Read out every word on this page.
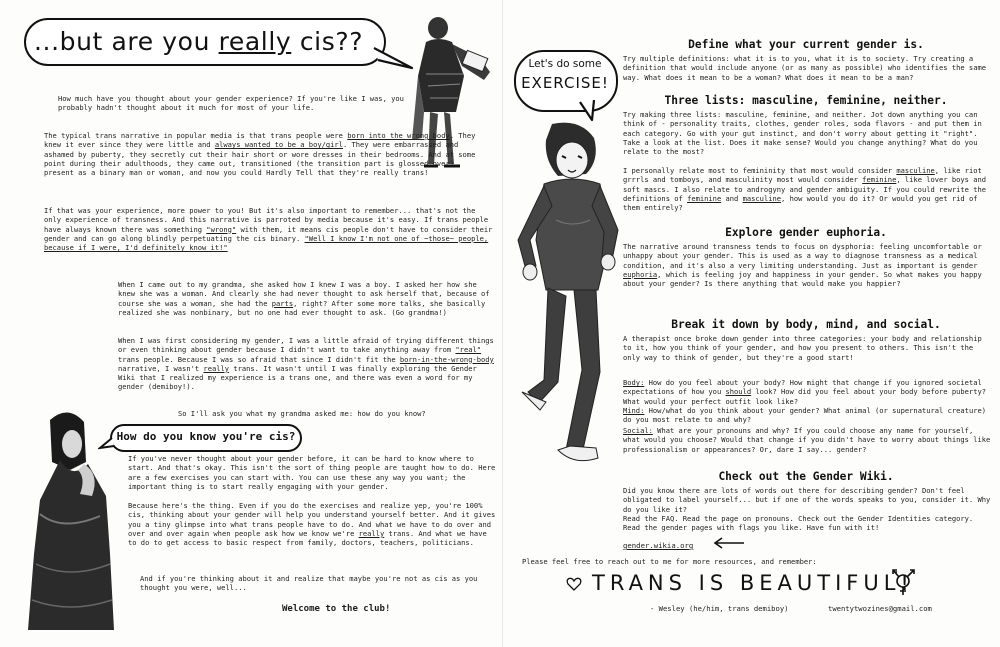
...but are you really cis??

How much have you thought about your gender experience? If you're like I was, you probably hadn't thought about it much for most of your life.

The typical trans narrative in popular media is that trans people were born into the wrong body. They knew it ever since they were little and always wanted to be a boy/girl. They were embarrassed and ashamed by puberty, they secretly cut their hair short or wore dresses in their bedrooms. And at some point during their adulthoods, they came out, transitioned (the transition part is glossed over), present as a binary man or woman, and now you could Hardly Tell that they're really trans!

If that was your experience, more power to you! But it's also important to remember... that's not the only experience of transness. And this narrative is parroted by media because it's easy. If trans people have always known there was something "wrong" with them, it means cis people don't have to consider their gender and can go along blindly perpetuating the cis binary. "Well I know I'm not one of ~those~ people, because if I were, I'd definitely know it!"

When I came out to my grandma, she asked how I knew I was a boy. I asked her how she knew she was a woman. And clearly she had never thought to ask herself that, because of course she was a woman, she had the parts, right? After some more talks, she basically realized she was nonbinary, but no one had ever thought to ask. (Go grandma!)

When I was first considering my gender, I was a little afraid of trying different things or even thinking about gender because I didn't want to take anything away from "real" trans people. Because I was so afraid that since I didn't fit the born-in-the-wrong-body narrative, I wasn't really trans. It wasn't until I was finally exploring the Gender Wiki that I realized my experience is a trans one, and there was even a word for my gender (demiboy!).

So I'll ask you what my grandma asked me: how do you know?

How do you know you're cis?

If you've never thought about your gender before, it can be hard to know where to start. And that's okay. This isn't the sort of thing people are taught how to do. Here are a few exercises you can start with. You can use these any way you want; the important thing is to start really engaging with your gender.

Because here's the thing. Even if you do the exercises and realize yep, you're 100% cis, thinking about your gender will help you understand yourself better. And it gives you a tiny glimpse into what trans people have to do. And what we have to do over and over and over again when people ask how we know we're really trans. And what we have to do to get access to basic respect from family, doctors, teachers, politicians.

And if you're thinking about it and realize that maybe you're not as cis as you thought you were, well...

Welcome to the club!
Let's do some
EXERCISE!
Define what your current gender is.

Try multiple definitions: what it is to you, what it is to society. Try creating a definition that would include anyone (or as many as possible) who identifies the same way. What does it mean to be a woman? What does it mean to be a man?

Three lists: masculine, feminine, neither.

Try making three lists: masculine, feminine, and neither. Jot down anything you can think of - personality traits, clothes, gender roles, soda flavors - and put them in each category. Go with your gut instinct, and don't worry about getting it "right". Take a look at the list. Does it make sense? Would you change anything? What do you relate to the most?

I personally relate most to femininity that most would consider masculine, like riot grrrls and tomboys, and masculinity most would consider feminine, like lover boys and soft mascs. I also relate to androgyny and gender ambiguity. If you could rewrite the definitions of feminine and masculine, how would you do it? Or would you get rid of them entirely?

Explore gender euphoria.

The narrative around transness tends to focus on dysphoria: feeling uncomfortable or unhappy about your gender. This is used as a way to diagnose transness as a medical condition, and it's also a very limiting understanding. Just as important is gender euphoria, which is feeling joy and happiness in your gender. So what makes you happy about your gender? Is there anything that would make you happier?

Break it down by body, mind, and social.

A therapist once broke down gender into three categories: your body and relationship to it, how you think of your gender, and how you present to others. This isn't the only way to think of gender, but they're a good start!

Body: How do you feel about your body? How might that change if you ignored societal expectations of how you should look? How did you feel about your body before puberty? What would your perfect outfit look like?

Mind: How/what do you think about your gender? What animal (or supernatural creature) do you most relate to and why?

Social: What are your pronouns and why? If you could choose any name for yourself, what would you choose? Would that change if you didn't have to worry about things like professionalism or appearances? Or, dare I say... gender?

Check out the Gender Wiki.

Did you know there are lots of words out there for describing gender? Don't feel obligated to label yourself... but if one of the words speaks to you, consider it. Why do you like it?

Read the FAQ. Read the page on pronouns. Check out the Gender Identities category. Read the gender pages with flags you like. Have fun with it!

gender.wikia.org

Please feel free to reach out to me for more resources, and remember:

TRANS IS BEAUTIFUL!
- Wesley (he/him, trans demiboy)	twentytwozines@gmail.com
